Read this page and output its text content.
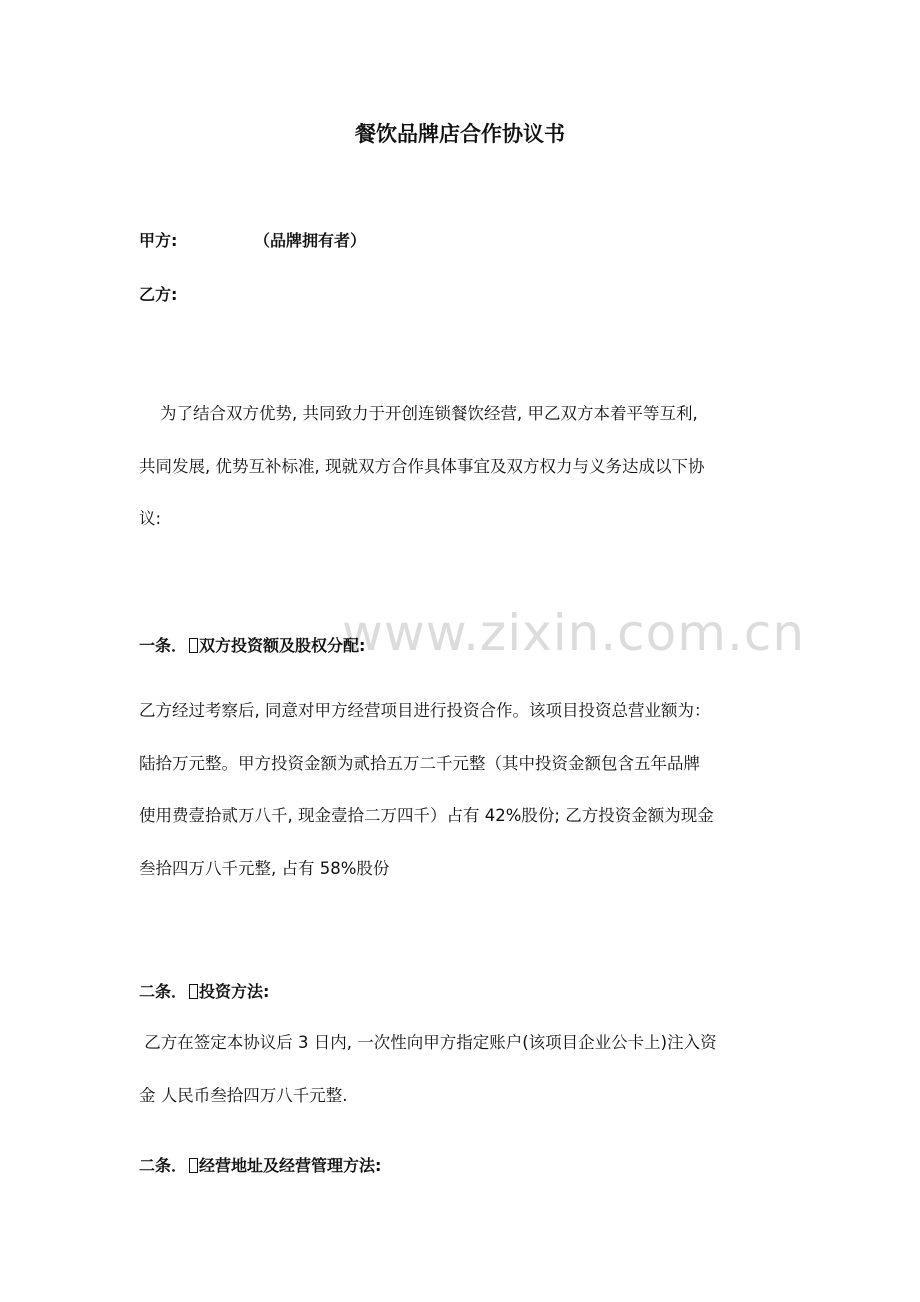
餐饮品牌店合作协议书
甲方:	（品牌拥有者）
乙方:
为了结合双方优势, 共同致力于开创连锁餐饮经营, 甲乙双方本着平等互利,
共同发展, 优势互补标准, 现就双方合作具体事宜及双方权力与义务达成以下协
议:
www.zixin.com.cn
一条． 双方投资额及股权分配:
乙方经过考察后, 同意对甲方经营项目进行投资合作。该项目投资总营业额为：
陆拾万元整。甲方投资金额为贰拾五万二千元整（其中投资金额包含五年品牌
使用费壹拾贰万八千, 现金壹拾二万四千）占有 42%股份; 乙方投资金额为现金
叁拾四万八千元整, 占有 58%股份
二条． 投资方法:
乙方在签定本协议后 3 日内, 一次性向甲方指定账户(该项目企业公卡上)注入资
金 人民币叁拾四万八千元整.
二条． 经营地址及经营管理方法:
